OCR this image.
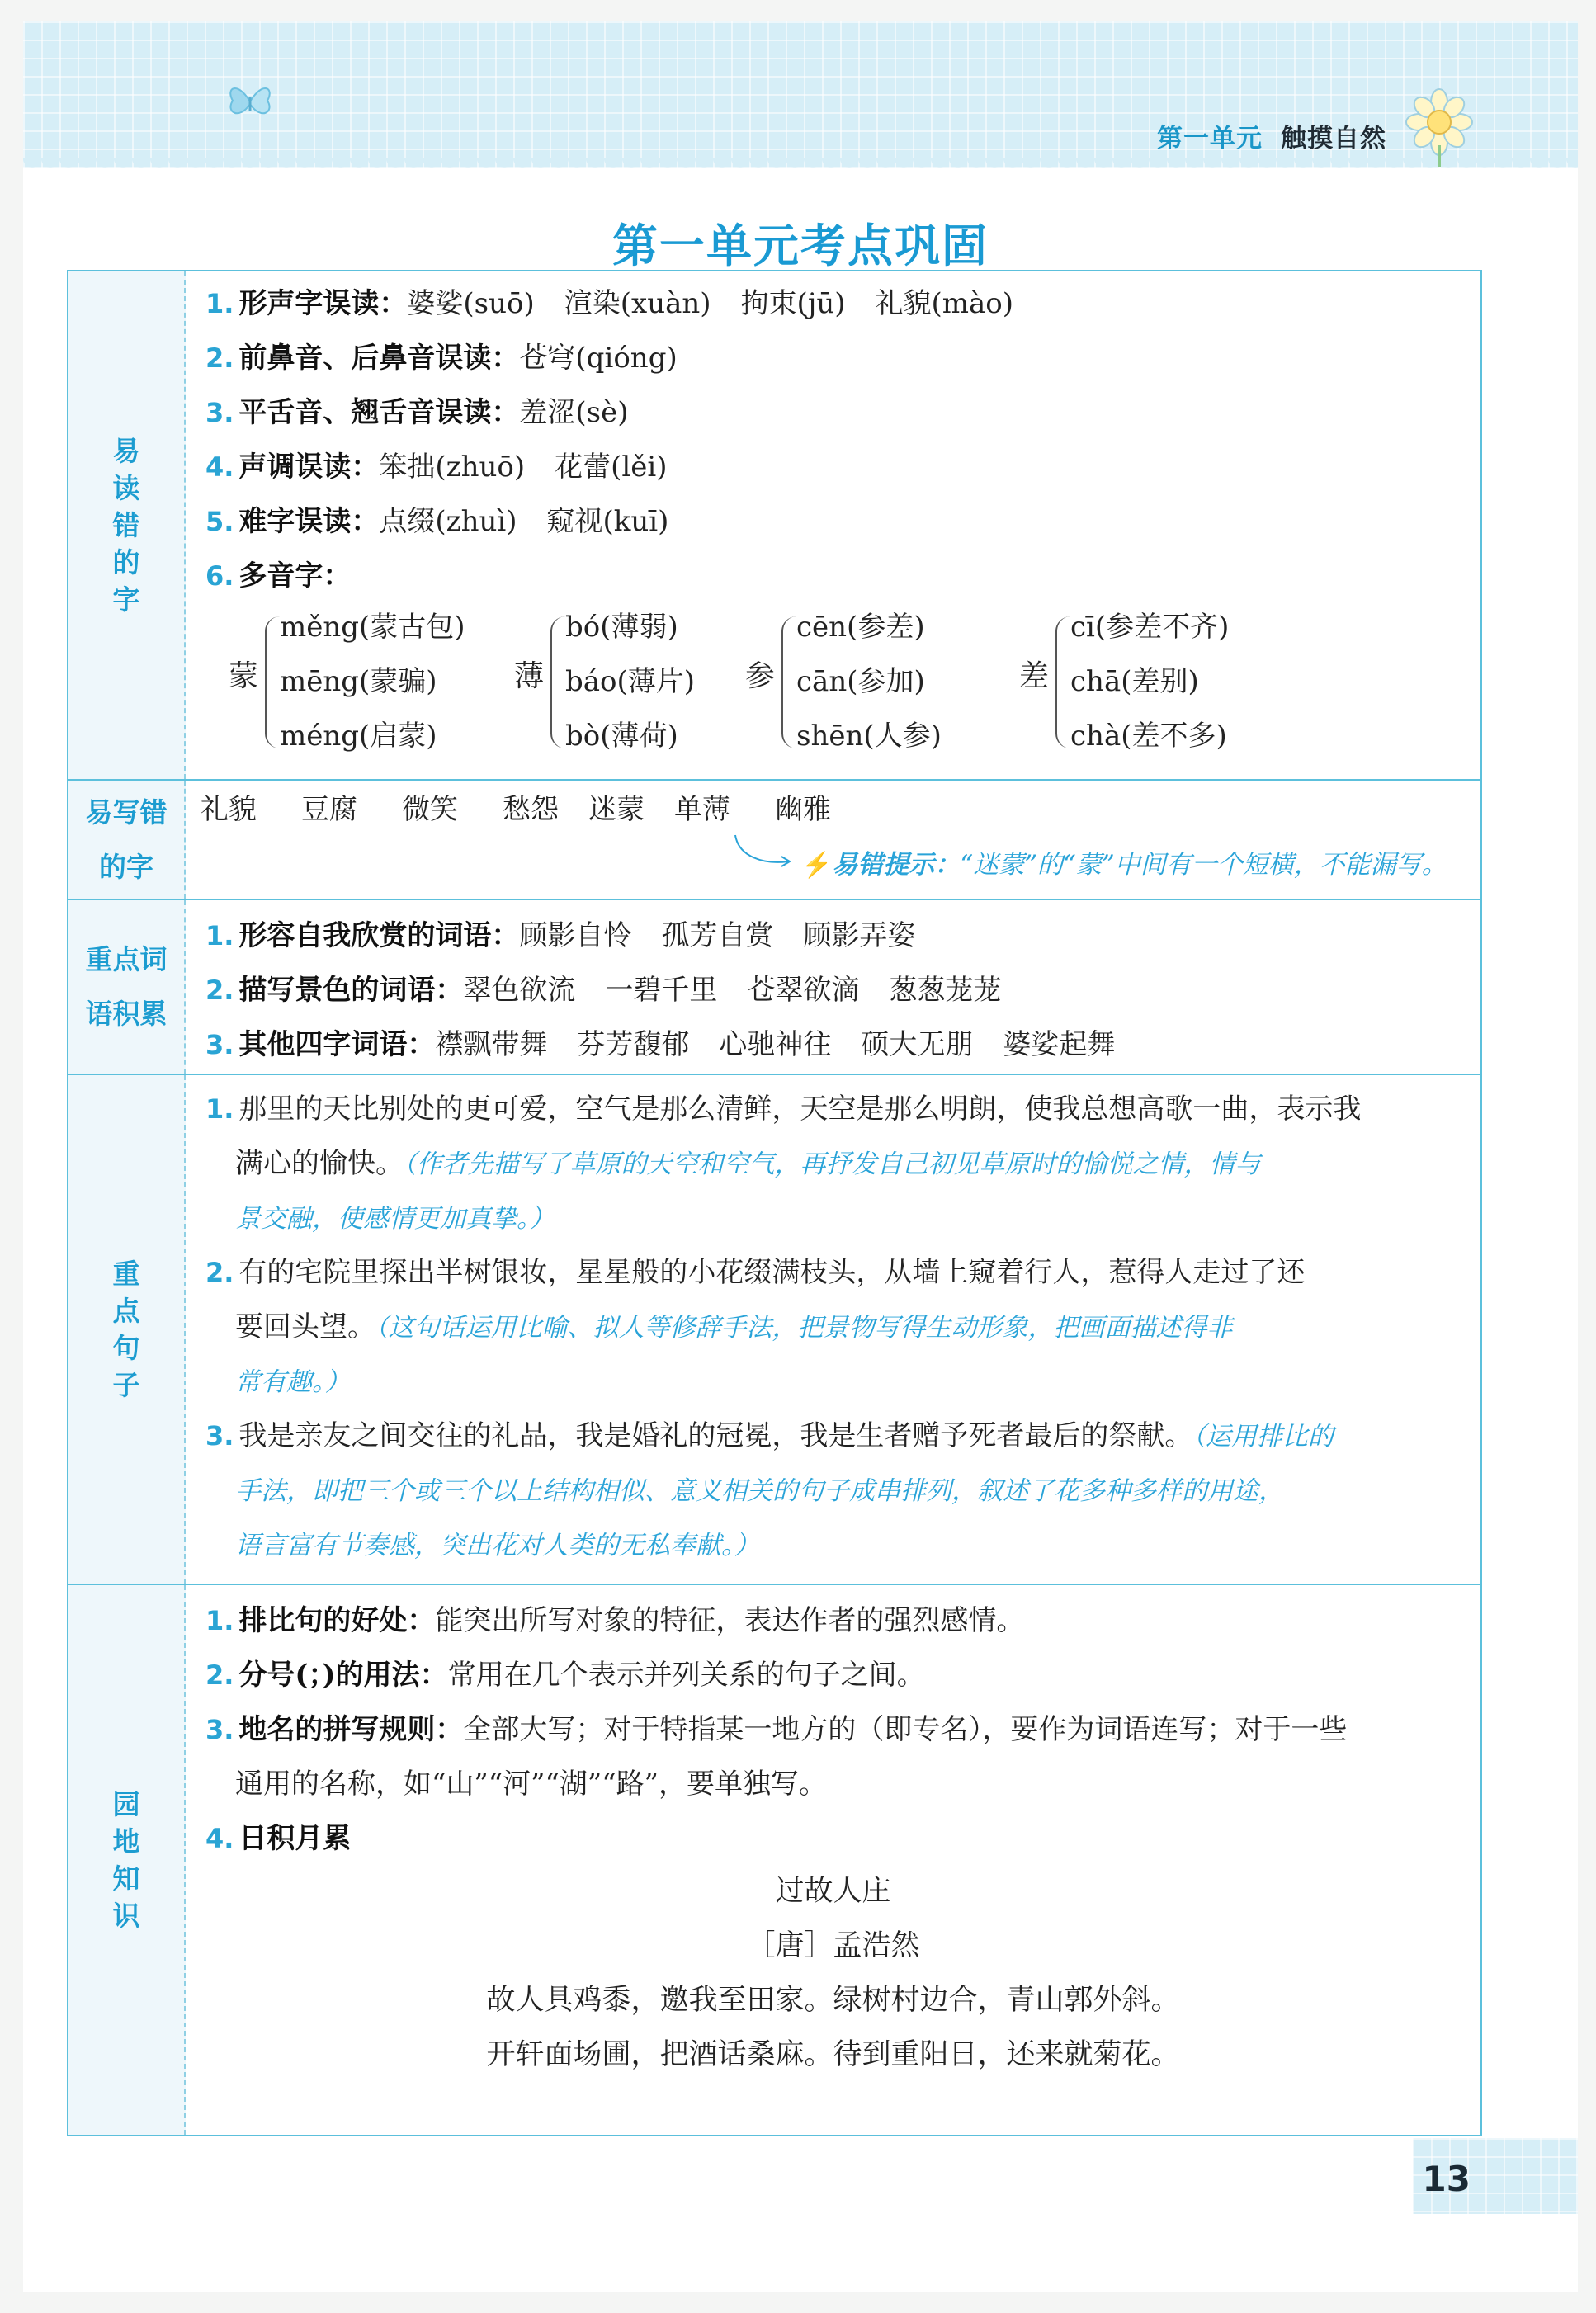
第一单元 触摸自然
第一单元考点巩固
13
易读错的字
1. 形声字误读：婆娑(suō) 渲染(xuàn) 拘束(jū) 礼貌(mào)
2. 前鼻音、后鼻音误读：苍穹(qióng)
3. 平舌音、翘舌音误读：羞涩(sè)
4. 声调误读：笨拙(zhuō) 花蕾(lěi)
5. 难字误读：点缀(zhuì) 窥视(kuī)
6. 多音字：
蒙
měng(蒙古包)
mēng(蒙骗)
méng(启蒙)
薄
bó(薄弱)
báo(薄片)
bò(薄荷)
参
cēn(参差)
cān(参加)
shēn(人参)
差
cī(参差不齐)
chā(差别)
chà(差不多)
易写错的字
礼貌 豆腐 微笑 愁怨 迷蒙 单薄 幽雅
⚡易错提示：“迷蒙”的“蒙”中间有一个短横，不能漏写。
重点词语积累
1. 形容自我欣赏的词语：顾影自怜 孤芳自赏 顾影弄姿
2. 描写景色的词语：翠色欲流 一碧千里 苍翠欲滴 葱葱茏茏
3. 其他四字词语：襟飘带舞 芬芳馥郁 心驰神往 硕大无朋 婆娑起舞
重点句子
1. 那里的天比别处的更可爱，空气是那么清鲜，天空是那么明朗，使我总想高歌一曲，表示我
满心的愉快。（作者先描写了草原的天空和空气，再抒发自己初见草原时的愉悦之情，情与
景交融，使感情更加真挚。）
2. 有的宅院里探出半树银妆，星星般的小花缀满枝头，从墙上窥着行人，惹得人走过了还
要回头望。（这句话运用比喻、拟人等修辞手法，把景物写得生动形象，把画面描述得非
常有趣。）
3. 我是亲友之间交往的礼品，我是婚礼的冠冕，我是生者赠予死者最后的祭献。（运用排比的
手法，即把三个或三个以上结构相似、意义相关的句子成串排列，叙述了花多种多样的用途，
语言富有节奏感，突出花对人类的无私奉献。）
园地知识
1. 排比句的好处：能突出所写对象的特征，表达作者的强烈感情。
2. 分号(；)的用法：常用在几个表示并列关系的句子之间。
3. 地名的拼写规则：全部大写；对于特指某一地方的（即专名），要作为词语连写；对于一些
通用的名称，如“山”“河”“湖”“路”，要单独写。
4. 日积月累
过故人庄
［唐］孟浩然
故人具鸡黍，邀我至田家。绿树村边合，青山郭外斜。
开轩面场圃，把酒话桑麻。待到重阳日，还来就菊花。
